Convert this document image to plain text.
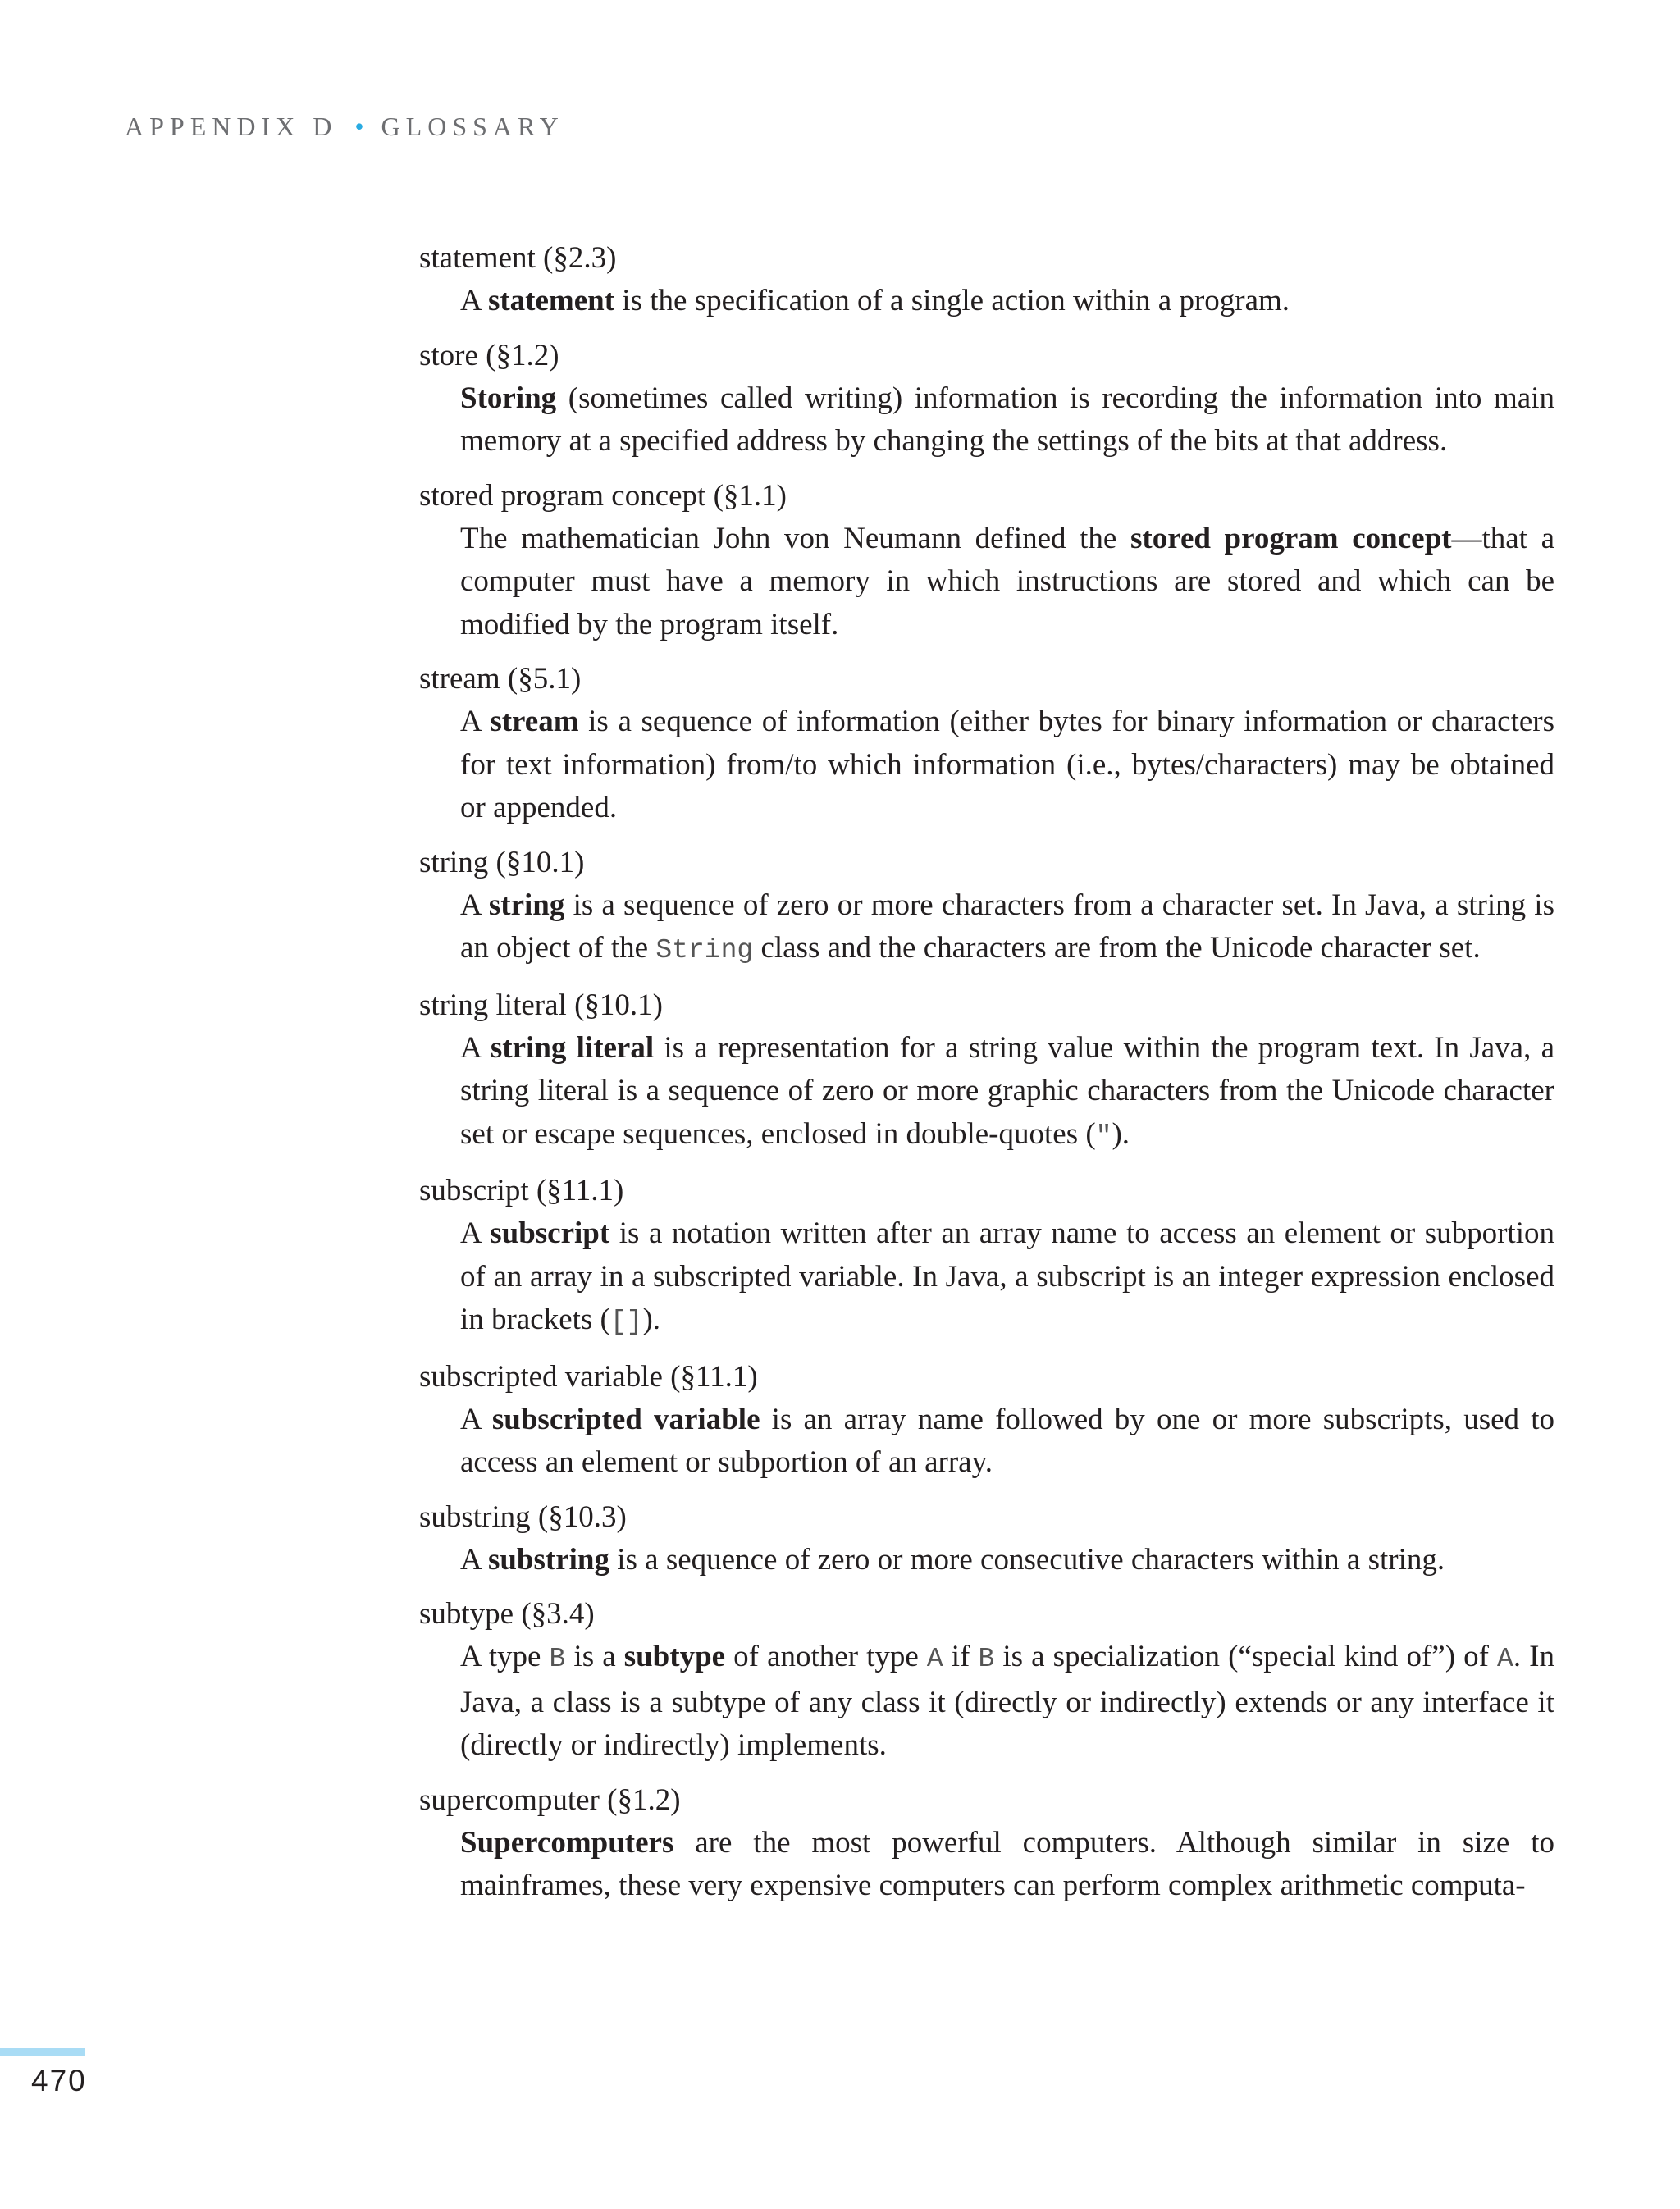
APPENDIX D • GLOSSARY
statement (§2.3)
A statement is the specification of a single action within a program.
store (§1.2)
Storing (sometimes called writing) information is recording the information into main memory at a specified address by changing the settings of the bits at that address.
stored program concept (§1.1)
The mathematician John von Neumann defined the stored program concept—that a computer must have a memory in which instructions are stored and which can be modified by the program itself.
stream (§5.1)
A stream is a sequence of information (either bytes for binary information or characters for text information) from/to which information (i.e., bytes/characters) may be obtained or appended.
string (§10.1)
A string is a sequence of zero or more characters from a character set. In Java, a string is an object of the String class and the characters are from the Unicode character set.
string literal (§10.1)
A string literal is a representation for a string value within the program text. In Java, a string literal is a sequence of zero or more graphic characters from the Unicode character set or escape sequences, enclosed in double-quotes (").
subscript (§11.1)
A subscript is a notation written after an array name to access an element or subportion of an array in a subscripted variable. In Java, a subscript is an integer expression enclosed in brackets ([]).
subscripted variable (§11.1)
A subscripted variable is an array name followed by one or more subscripts, used to access an element or subportion of an array.
substring (§10.3)
A substring is a sequence of zero or more consecutive characters within a string.
subtype (§3.4)
A type B is a subtype of another type A if B is a specialization (“special kind of”) of A. In Java, a class is a subtype of any class it (directly or indirectly) extends or any interface it (directly or indirectly) implements.
supercomputer (§1.2)
Supercomputers are the most powerful computers. Although similar in size to mainframes, these very expensive computers can perform complex arithmetic computa-
470
